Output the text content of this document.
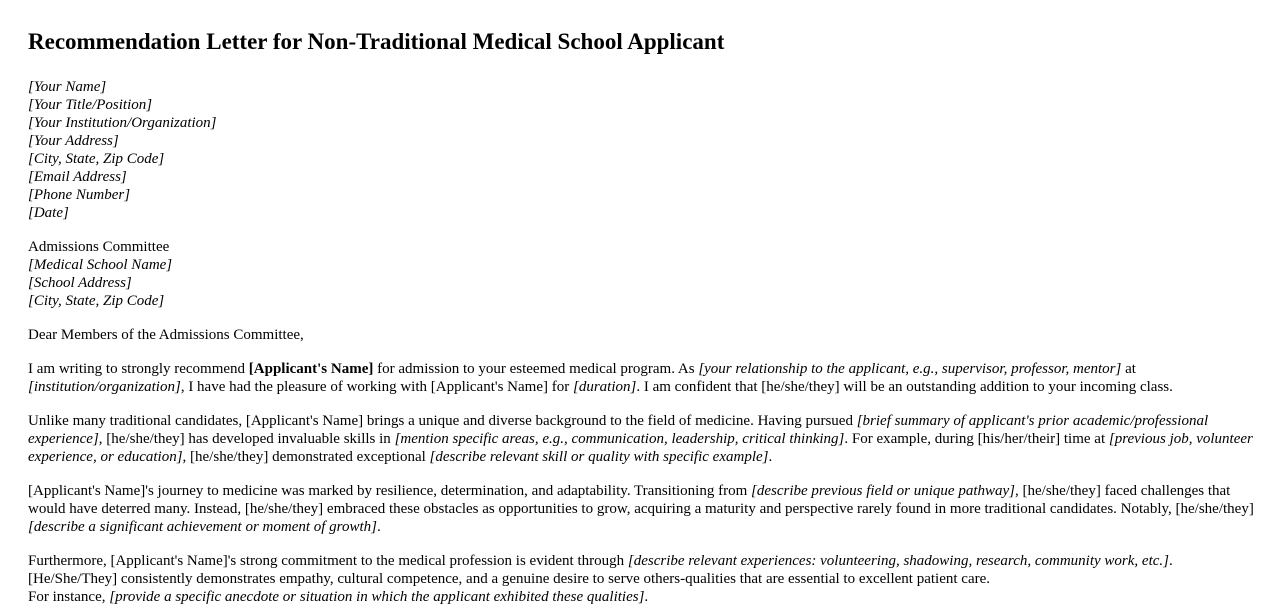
Recommendation Letter for Non-Traditional Medical School Applicant
[Your Name]
[Your Title/Position]
[Your Institution/Organization]
[Your Address]
[City, State, Zip Code]
[Email Address]
[Phone Number]
[Date]
Admissions Committee
[Medical School Name]
[School Address]
[City, State, Zip Code]

Dear Members of the Admissions Committee,

I am writing to strongly recommend [Applicant's Name] for admission to your esteemed medical program. As [your relationship to the applicant, e.g., supervisor, professor, mentor] at [institution/organization], I have had the pleasure of working with [Applicant's Name] for [duration]. I am confident that [he/she/they] will be an outstanding addition to your incoming class.

Unlike many traditional candidates, [Applicant's Name] brings a unique and diverse background to the field of medicine. Having pursued [brief summary of applicant's prior academic/professional experience], [he/she/they] has developed invaluable skills in [mention specific areas, e.g., communication, leadership, critical thinking]. For example, during [his/her/their] time at [previous job, volunteer experience, or education], [he/she/they] demonstrated exceptional [describe relevant skill or quality with specific example].

[Applicant's Name]'s journey to medicine was marked by resilience, determination, and adaptability. Transitioning from [describe previous field or unique pathway], [he/she/they] faced challenges that would have deterred many. Instead, [he/she/they] embraced these obstacles as opportunities to grow, acquiring a maturity and perspective rarely found in more traditional candidates. Notably, [he/she/they] [describe a significant achievement or moment of growth].

Furthermore, [Applicant's Name]'s strong commitment to the medical profession is evident through [describe relevant experiences: volunteering, shadowing, research, community work, etc.]. [He/She/They] consistently demonstrates empathy, cultural competence, and a genuine desire to serve others-qualities that are essential to excellent patient care.
For instance, [provide a specific anecdote or situation in which the applicant exhibited these qualities].
